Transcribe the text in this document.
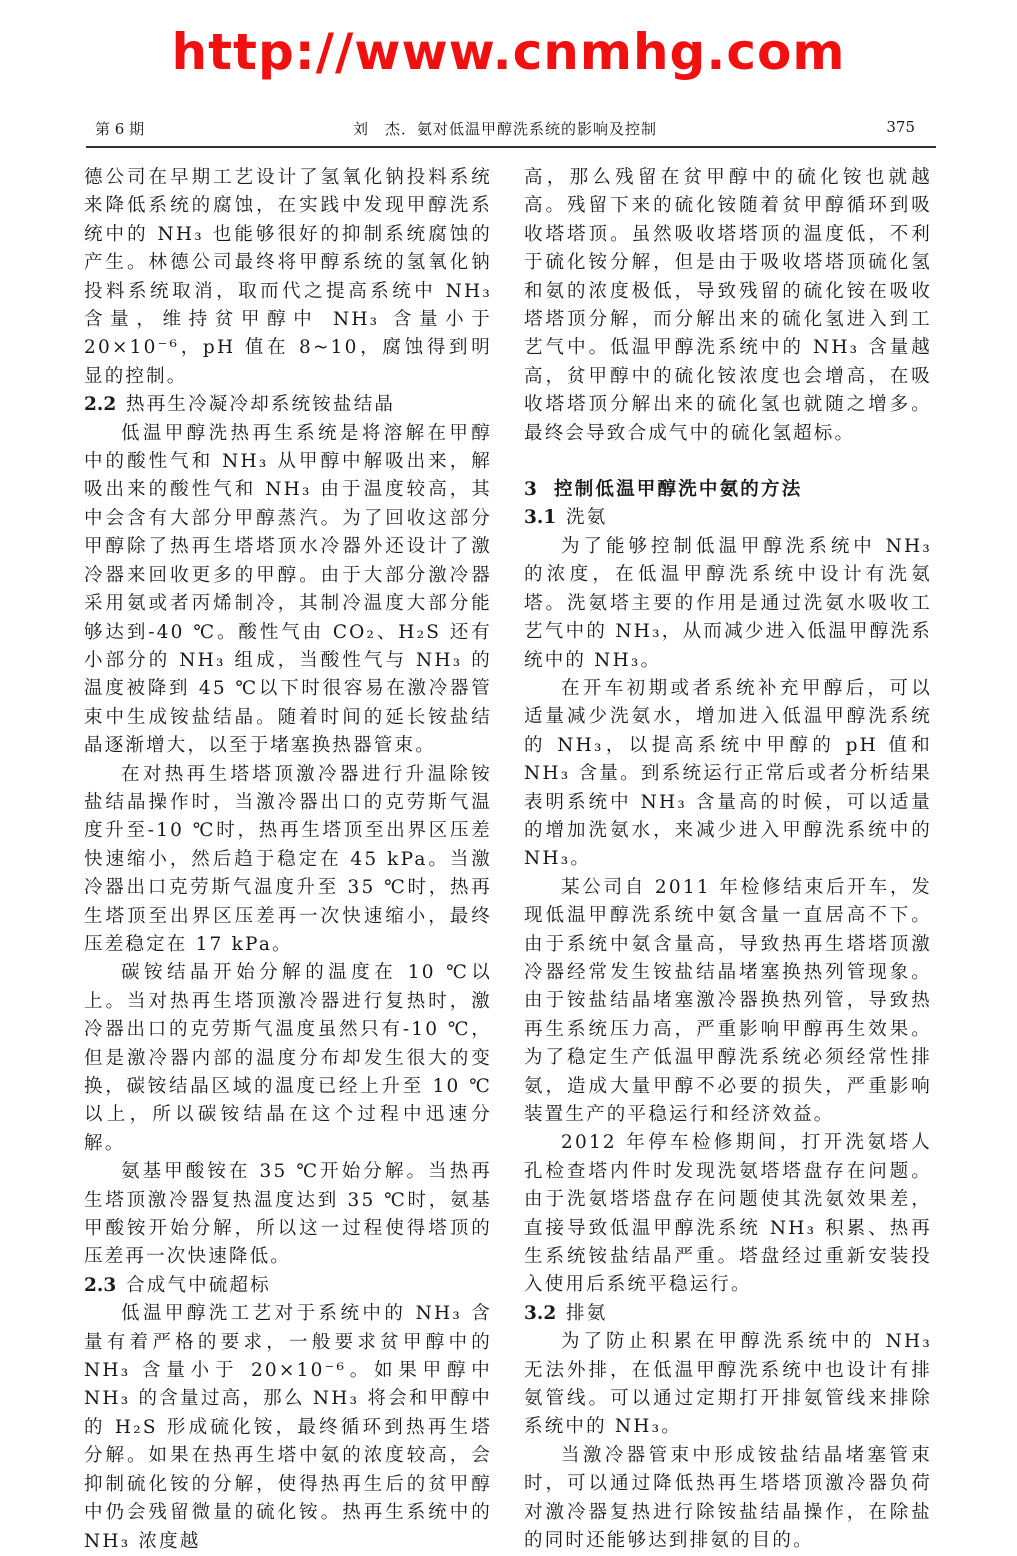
http://www.cnmhg.com
第 6 期	刘　杰．氨对低温甲醇洗系统的影响及控制	375

德公司在早期工艺设计了氢氧化钠投料系统来降低系统的腐蚀，在实践中发现甲醇洗系统中的 NH₃ 也能够很好的抑制系统腐蚀的产生。林德公司最终将甲醇系统的氢氧化钠投料系统取消，取而代之提高系统中 NH₃ 含量，维持贫甲醇中 NH₃ 含量小于 20×10⁻⁶，pH 值在 8~10，腐蚀得到明显的控制。

2.2 热再生冷凝冷却系统铵盐结晶

低温甲醇洗热再生系统是将溶解在甲醇中的酸性气和 NH₃ 从甲醇中解吸出来，解吸出来的酸性气和 NH₃ 由于温度较高，其中会含有大部分甲醇蒸汽。为了回收这部分甲醇除了热再生塔塔顶水冷器外还设计了激冷器来回收更多的甲醇。由于大部分激冷器采用氨或者丙烯制冷，其制冷温度大部分能够达到-40 ℃。酸性气由 CO₂、H₂S 还有小部分的 NH₃ 组成，当酸性气与 NH₃ 的温度被降到 45 ℃以下时很容易在激冷器管束中生成铵盐结晶。随着时间的延长铵盐结晶逐渐增大，以至于堵塞换热器管束。

在对热再生塔塔顶激冷器进行升温除铵盐结晶操作时，当激冷器出口的克劳斯气温度升至-10 ℃时，热再生塔顶至出界区压差快速缩小，然后趋于稳定在 45 kPa。当激冷器出口克劳斯气温度升至 35 ℃时，热再生塔顶至出界区压差再一次快速缩小，最终压差稳定在 17 kPa。

碳铵结晶开始分解的温度在 10 ℃以上。当对热再生塔顶激冷器进行复热时，激冷器出口的克劳斯气温度虽然只有-10 ℃，但是激冷器内部的温度分布却发生很大的变换，碳铵结晶区域的温度已经上升至 10 ℃以上，所以碳铵结晶在这个过程中迅速分解。

氨基甲酸铵在 35 ℃开始分解。当热再生塔顶激冷器复热温度达到 35 ℃时，氨基甲酸铵开始分解，所以这一过程使得塔顶的压差再一次快速降低。

2.3 合成气中硫超标

低温甲醇洗工艺对于系统中的 NH₃ 含量有着严格的要求，一般要求贫甲醇中的 NH₃ 含量小于 20×10⁻⁶。如果甲醇中 NH₃ 的含量过高，那么 NH₃ 将会和甲醇中的 H₂S 形成硫化铵，最终循环到热再生塔分解。如果在热再生塔中氨的浓度较高，会抑制硫化铵的分解，使得热再生后的贫甲醇中仍会残留微量的硫化铵。热再生系统中的 NH₃ 浓度越

高，那么残留在贫甲醇中的硫化铵也就越高。残留下来的硫化铵随着贫甲醇循环到吸收塔塔顶。虽然吸收塔塔顶的温度低，不利于硫化铵分解，但是由于吸收塔塔顶硫化氢和氨的浓度极低，导致残留的硫化铵在吸收塔塔顶分解，而分解出来的硫化氢进入到工艺气中。低温甲醇洗系统中的 NH₃ 含量越高，贫甲醇中的硫化铵浓度也会增高，在吸收塔塔顶分解出来的硫化氢也就随之增多。最终会导致合成气中的硫化氢超标。

3 控制低温甲醇洗中氨的方法
3.1 洗氨

为了能够控制低温甲醇洗系统中 NH₃ 的浓度，在低温甲醇洗系统中设计有洗氨塔。洗氨塔主要的作用是通过洗氨水吸收工艺气中的 NH₃，从而减少进入低温甲醇洗系统中的 NH₃。

在开车初期或者系统补充甲醇后，可以适量减少洗氨水，增加进入低温甲醇洗系统的 NH₃，以提高系统中甲醇的 pH 值和 NH₃ 含量。到系统运行正常后或者分析结果表明系统中 NH₃ 含量高的时候，可以适量的增加洗氨水，来减少进入甲醇洗系统中的 NH₃。

某公司自 2011 年检修结束后开车，发现低温甲醇洗系统中氨含量一直居高不下。由于系统中氨含量高，导致热再生塔塔顶激冷器经常发生铵盐结晶堵塞换热列管现象。由于铵盐结晶堵塞激冷器换热列管，导致热再生系统压力高，严重影响甲醇再生效果。为了稳定生产低温甲醇洗系统必须经常性排氨，造成大量甲醇不必要的损失，严重影响装置生产的平稳运行和经济效益。

2012 年停车检修期间，打开洗氨塔人孔检查塔内件时发现洗氨塔塔盘存在问题。由于洗氨塔塔盘存在问题使其洗氨效果差，直接导致低温甲醇洗系统 NH₃ 积累、热再生系统铵盐结晶严重。塔盘经过重新安装投入使用后系统平稳运行。

3.2 排氨

为了防止积累在甲醇洗系统中的 NH₃ 无法外排，在低温甲醇洗系统中也设计有排氨管线。可以通过定期打开排氨管线来排除系统中的 NH₃。

当激冷器管束中形成铵盐结晶堵塞管束时，可以通过降低热再生塔塔顶激冷器负荷对激冷器复热进行除铵盐结晶操作，在除盐的同时还能够达到排氨的目的。
